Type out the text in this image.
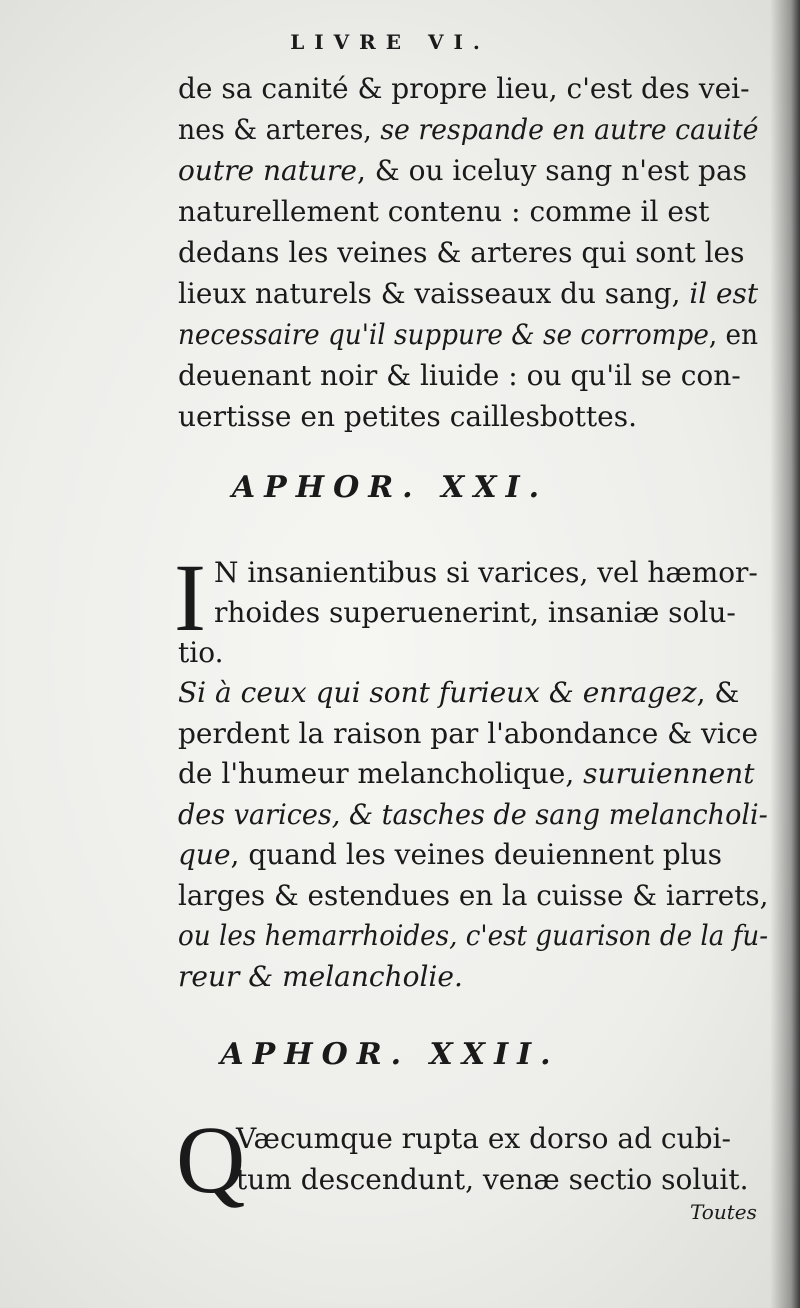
LIVRE VI.
de sa canité & propre lieu, c'est des vei-
nes & arteres, se respande en autre cauité
outre nature, & ou iceluy sang n'est pas
naturellement contenu : comme il est
dedans les veines & arteres qui sont les
lieux naturels & vaisseaux du sang, il est
necessaire qu'il suppure & se corrompe, en
deuenant noir & liuide : ou qu'il se con-
uertisse en petites caillesbottes.
APHOR. XXI.
I N insanientibus si varices, vel hæmor-
rhoides superuenerint, insaniæ solu-
tio.
Si à ceux qui sont furieux & enragez, &
perdent la raison par l'abondance & vice
de l'humeur melancholique, suruiennent
des varices, & tasches de sang melancholi-
que, quand les veines deuiennent plus
larges & estendues en la cuisse & iarrets,
ou les hemarrhoides, c'est guarison de la fu-
reur & melancholie.
APHOR. XXII.
Q
Væcumque rupta ex dorso ad cubi-
tum descendunt, venæ sectio soluit.
Toutes
